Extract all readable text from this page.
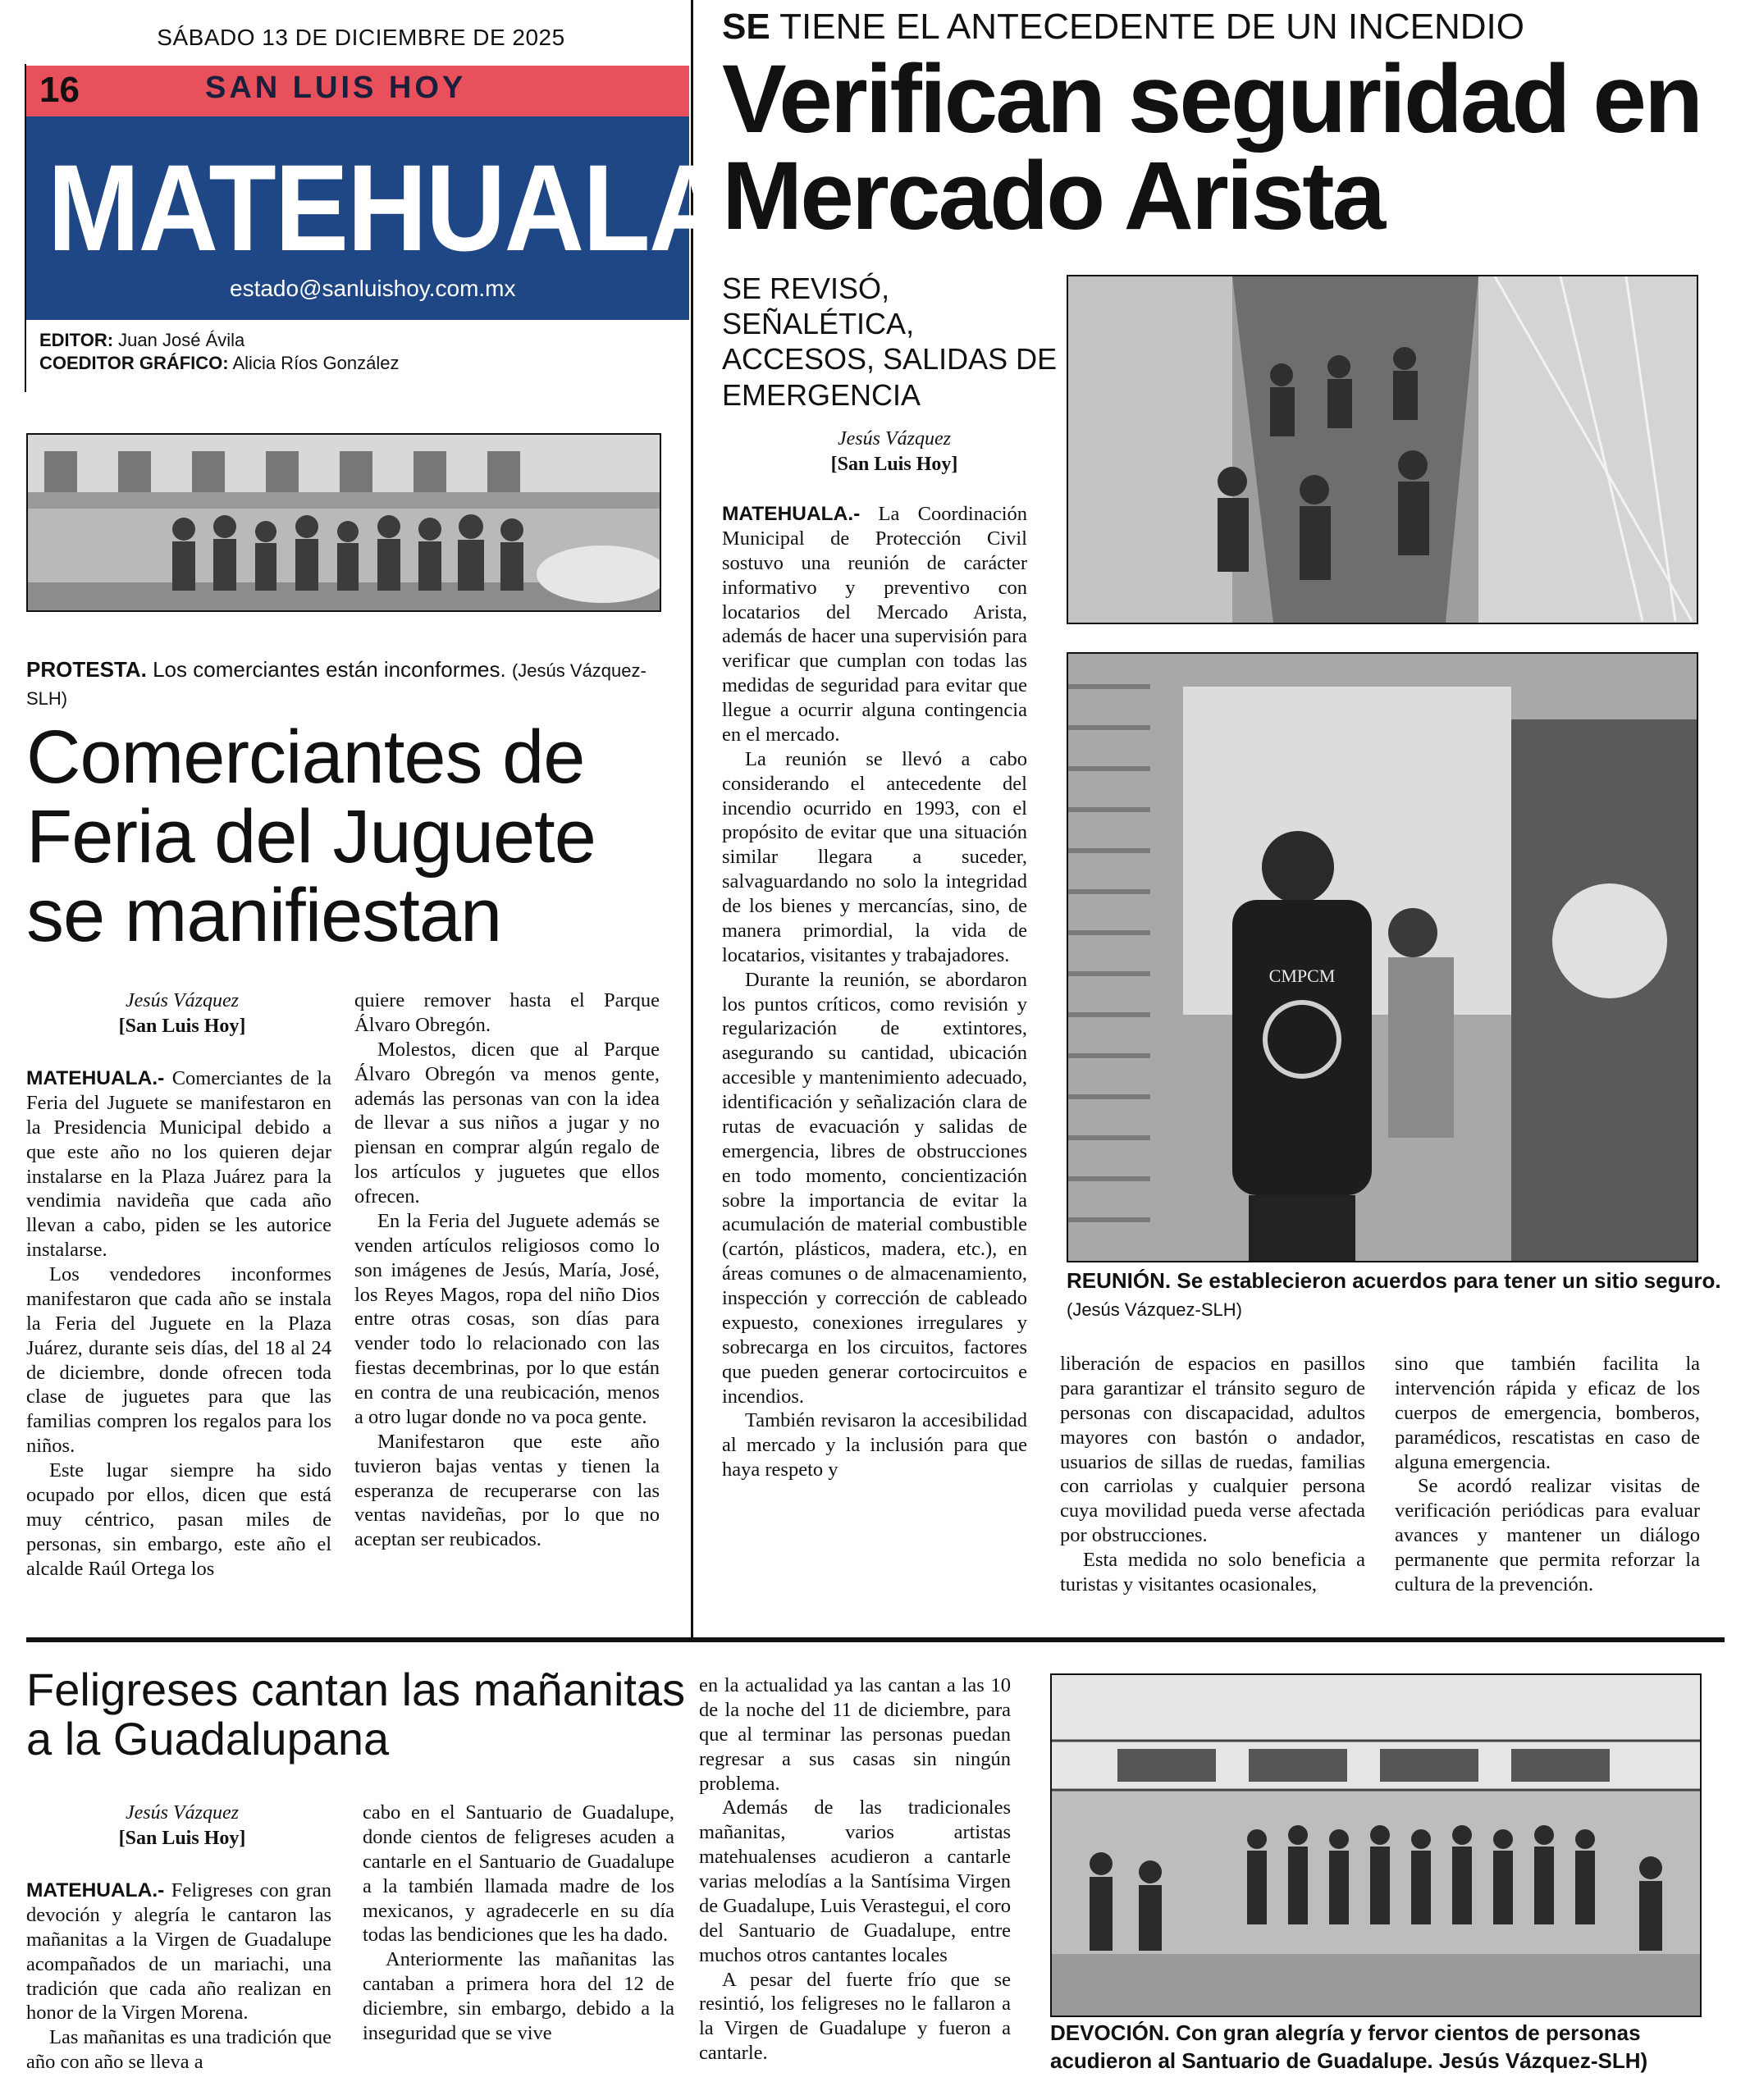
SÁBADO 13 DE DICIEMBRE DE 2025
16	SAN LUIS HOY
MATEHUALA
estado@sanluishoy.com.mx
EDITOR: Juan José Ávila
COEDITOR GRÁFICO: Alicia Ríos González
PROTESTA. Los comerciantes están inconformes. (Jesús Vázquez-SLH)
Comerciantes de Feria del Juguete se manifiestan
Jesús Vázquez
[San Luis Hoy]

MATEHUALA.- Comerciantes de la Feria del Juguete se manifestaron en la Presidencia Municipal debido a que este año no los quieren dejar instalarse en la Plaza Juárez para la vendimia navideña que cada año llevan a cabo, piden se les autorice instalarse.

Los vendedores inconformes manifestaron que cada año se instala la Feria del Juguete en la Plaza Juárez, durante seis días, del 18 al 24 de diciembre, donde ofrecen toda clase de juguetes para que las familias compren los regalos para los niños.

Este lugar siempre ha sido ocupado por ellos, dicen que está muy céntrico, pasan miles de personas, sin embargo, este año el alcalde Raúl Ortega los

quiere remover hasta el Parque Álvaro Obregón.

Molestos, dicen que al Parque Álvaro Obregón va menos gente, además las personas van con la idea de llevar a sus niños a jugar y no piensan en comprar algún regalo de los artículos y juguetes que ellos ofrecen.

En la Feria del Juguete además se venden artículos religiosos como lo son imágenes de Jesús, María, José, los Reyes Magos, ropa del niño Dios entre otras cosas, son días para vender todo lo relacionado con las fiestas decembrinas, por lo que están en contra de una reubicación, menos a otro lugar donde no va poca gente.

Manifestaron que este año tuvieron bajas ventas y tienen la esperanza de recuperarse con las ventas navideñas, por lo que no aceptan ser reubicados.

SE TIENE EL ANTECEDENTE DE UN INCENDIO
Verifican seguridad en Mercado Arista
SE REVISÓ, SEÑALÉTICA, ACCESOS, SALIDAS DE EMERGENCIA
Jesús Vázquez
[San Luis Hoy]

MATEHUALA.- La Coordinación Municipal de Protección Civil sostuvo una reunión de carácter informativo y preventivo con locatarios del Mercado Arista, además de hacer una supervisión para verificar que cumplan con todas las medidas de seguridad para evitar que llegue a ocurrir alguna contingencia en el mercado.

La reunión se llevó a cabo considerando el antecedente del incendio ocurrido en 1993, con el propósito de evitar que una situación similar llegara a suceder, salvaguardando no solo la integridad de los bienes y mercancías, sino, de manera primordial, la vida de locatarios, visitantes y trabajadores.

Durante la reunión, se abordaron los puntos críticos, como revisión y regularización de extintores, asegurando su cantidad, ubicación accesible y mantenimiento adecuado, identificación y señalización clara de rutas de evacuación y salidas de emergencia, libres de obstrucciones en todo momento, concientización sobre la importancia de evitar la acumulación de material combustible (cartón, plásticos, madera, etc.), en áreas comunes o de almacenamiento, inspección y corrección de cableado expuesto, conexiones irregulares y sobrecarga en los circuitos, factores que pueden generar cortocircuitos e incendios.

También revisaron la accesibilidad al mercado y la inclusión para que haya respeto y

CMPCM
REUNIÓN. Se establecieron acuerdos para tener un sitio seguro. (Jesús Vázquez-SLH)

liberación de espacios en pasillos para garantizar el tránsito seguro de personas con discapacidad, adultos mayores con bastón o andador, usuarios de sillas de ruedas, familias con carriolas y cualquier persona cuya movilidad pueda verse afectada por obstrucciones.

Esta medida no solo beneficia a turistas y visitantes ocasionales,

sino que también facilita la intervención rápida y eficaz de los cuerpos de emergencia, bomberos, paramédicos, rescatistas en caso de alguna emergencia.

Se acordó realizar visitas de verificación periódicas para evaluar avances y mantener un diálogo permanente que permita reforzar la cultura de la prevención.

Feligreses cantan las mañanitas a la Guadalupana
Jesús Vázquez
[San Luis Hoy]

MATEHUALA.- Feligreses con gran devoción y alegría le cantaron las mañanitas a la Virgen de Guadalupe acompañados de un mariachi, una tradición que cada año realizan en honor de la Virgen Morena.

Las mañanitas es una tradición que año con año se lleva a

cabo en el Santuario de Guadalupe, donde cientos de feligreses acuden a cantarle en el Santuario de Guadalupe a la también llamada madre de los mexicanos, y agradecerle en su día todas las bendiciones que les ha dado.

Anteriormente las mañanitas las cantaban a primera hora del 12 de diciembre, sin embargo, debido a la inseguridad que se vive

en la actualidad ya las cantan a las 10 de la noche del 11 de diciembre, para que al terminar las personas puedan regresar a sus casas sin ningún problema.

Además de las tradicionales mañanitas, varios artistas matehualenses acudieron a cantarle varias melodías a la Santísima Virgen de Guadalupe, Luis Verastegui, el coro del Santuario de Guadalupe, entre muchos otros cantantes locales

A pesar del fuerte frío que se resintió, los feligreses no le fallaron a la Virgen de Guadalupe y fueron a cantarle.

DEVOCIÓN. Con gran alegría y fervor cientos de personas acudieron al Santuario de Guadalupe. Jesús Vázquez-SLH)
